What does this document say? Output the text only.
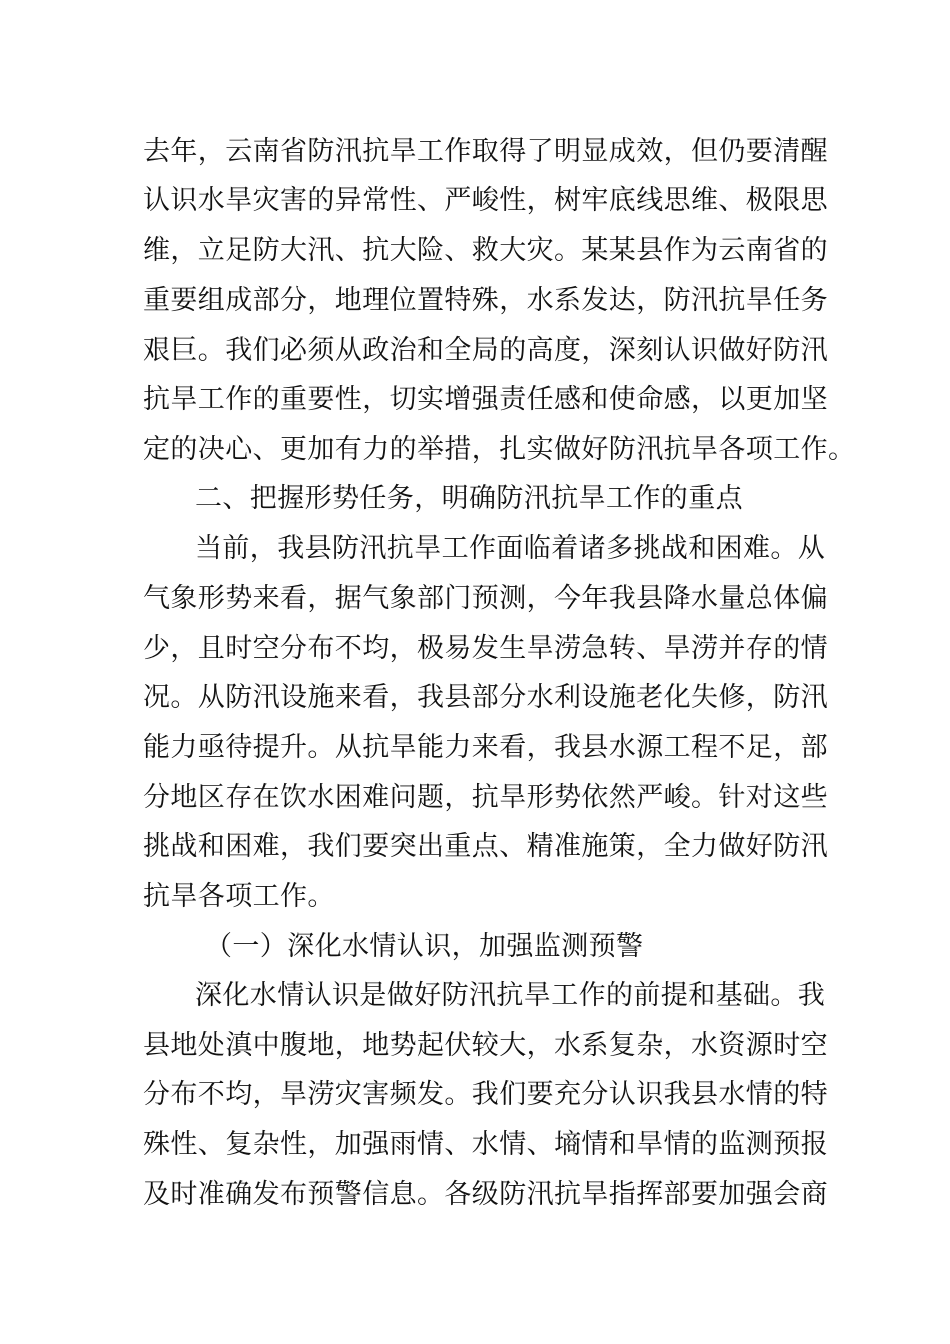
去年，云南省防汛抗旱工作取得了明显成效，但仍要清醒
认识水旱灾害的异常性、严峻性，树牢底线思维、极限思
维，立足防大汛、抗大险、救大灾。某某县作为云南省的
重要组成部分，地理位置特殊，水系发达，防汛抗旱任务
艰巨。我们必须从政治和全局的高度，深刻认识做好防汛
抗旱工作的重要性，切实增强责任感和使命感，以更加坚
定的决心、更加有力的举措，扎实做好防汛抗旱各项工作。
二、把握形势任务，明确防汛抗旱工作的重点
当前，我县防汛抗旱工作面临着诸多挑战和困难。从
气象形势来看，据气象部门预测，今年我县降水量总体偏
少，且时空分布不均，极易发生旱涝急转、旱涝并存的情
况。从防汛设施来看，我县部分水利设施老化失修，防汛
能力亟待提升。从抗旱能力来看，我县水源工程不足，部
分地区存在饮水困难问题，抗旱形势依然严峻。针对这些
挑战和困难，我们要突出重点、精准施策，全力做好防汛
抗旱各项工作。
（一）深化水情认识，加强监测预警
深化水情认识是做好防汛抗旱工作的前提和基础。我
县地处滇中腹地，地势起伏较大，水系复杂，水资源时空
分布不均，旱涝灾害频发。我们要充分认识我县水情的特
殊性、复杂性，加强雨情、水情、墒情和旱情的监测预报
及时准确发布预警信息。各级防汛抗旱指挥部要加强会商
